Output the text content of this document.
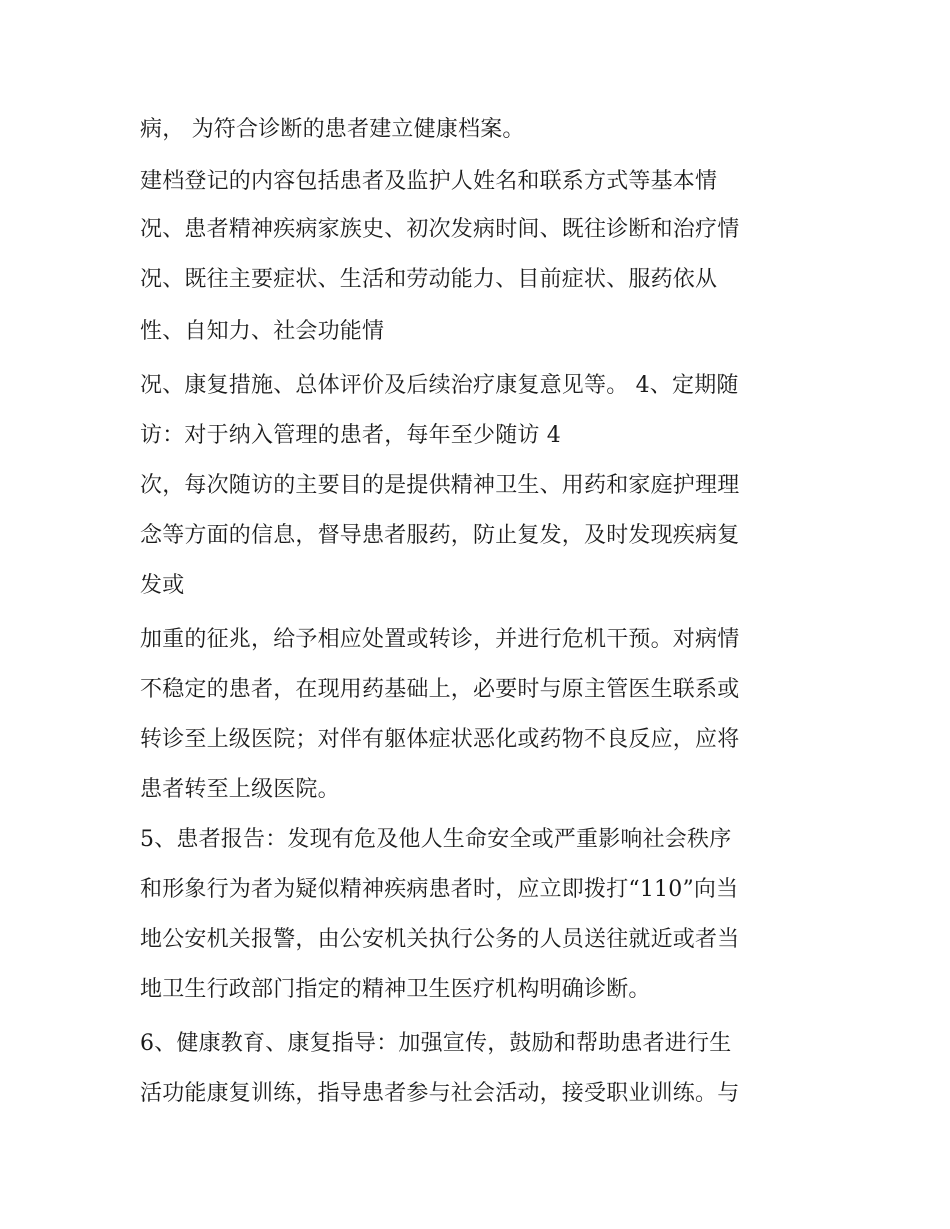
病， 为符合诊断的患者建立健康档案。
建档登记的内容包括患者及监护人姓名和联系方式等基本情
况、患者精神疾病家族史、初次发病时间、既往诊断和治疗情
况、既往主要症状、生活和劳动能力、目前症状、服药依从
性、自知力、社会功能情
况、康复措施、总体评价及后续治疗康复意见等。 4、定期随
访：对于纳入管理的患者，每年至少随访 4
次，每次随访的主要目的是提供精神卫生、用药和家庭护理理
念等方面的信息，督导患者服药，防止复发，及时发现疾病复
发或
加重的征兆，给予相应处置或转诊，并进行危机干预。对病情
不稳定的患者，在现用药基础上，必要时与原主管医生联系或
转诊至上级医院；对伴有躯体症状恶化或药物不良反应，应将
患者转至上级医院。
5、患者报告：发现有危及他人生命安全或严重影响社会秩序
和形象行为者为疑似精神疾病患者时，应立即拨打“110”向当
地公安机关报警，由公安机关执行公务的人员送往就近或者当
地卫生行政部门指定的精神卫生医疗机构明确诊断。
6、健康教育、康复指导：加强宣传，鼓励和帮助患者进行生
活功能康复训练，指导患者参与社会活动，接受职业训练。与
